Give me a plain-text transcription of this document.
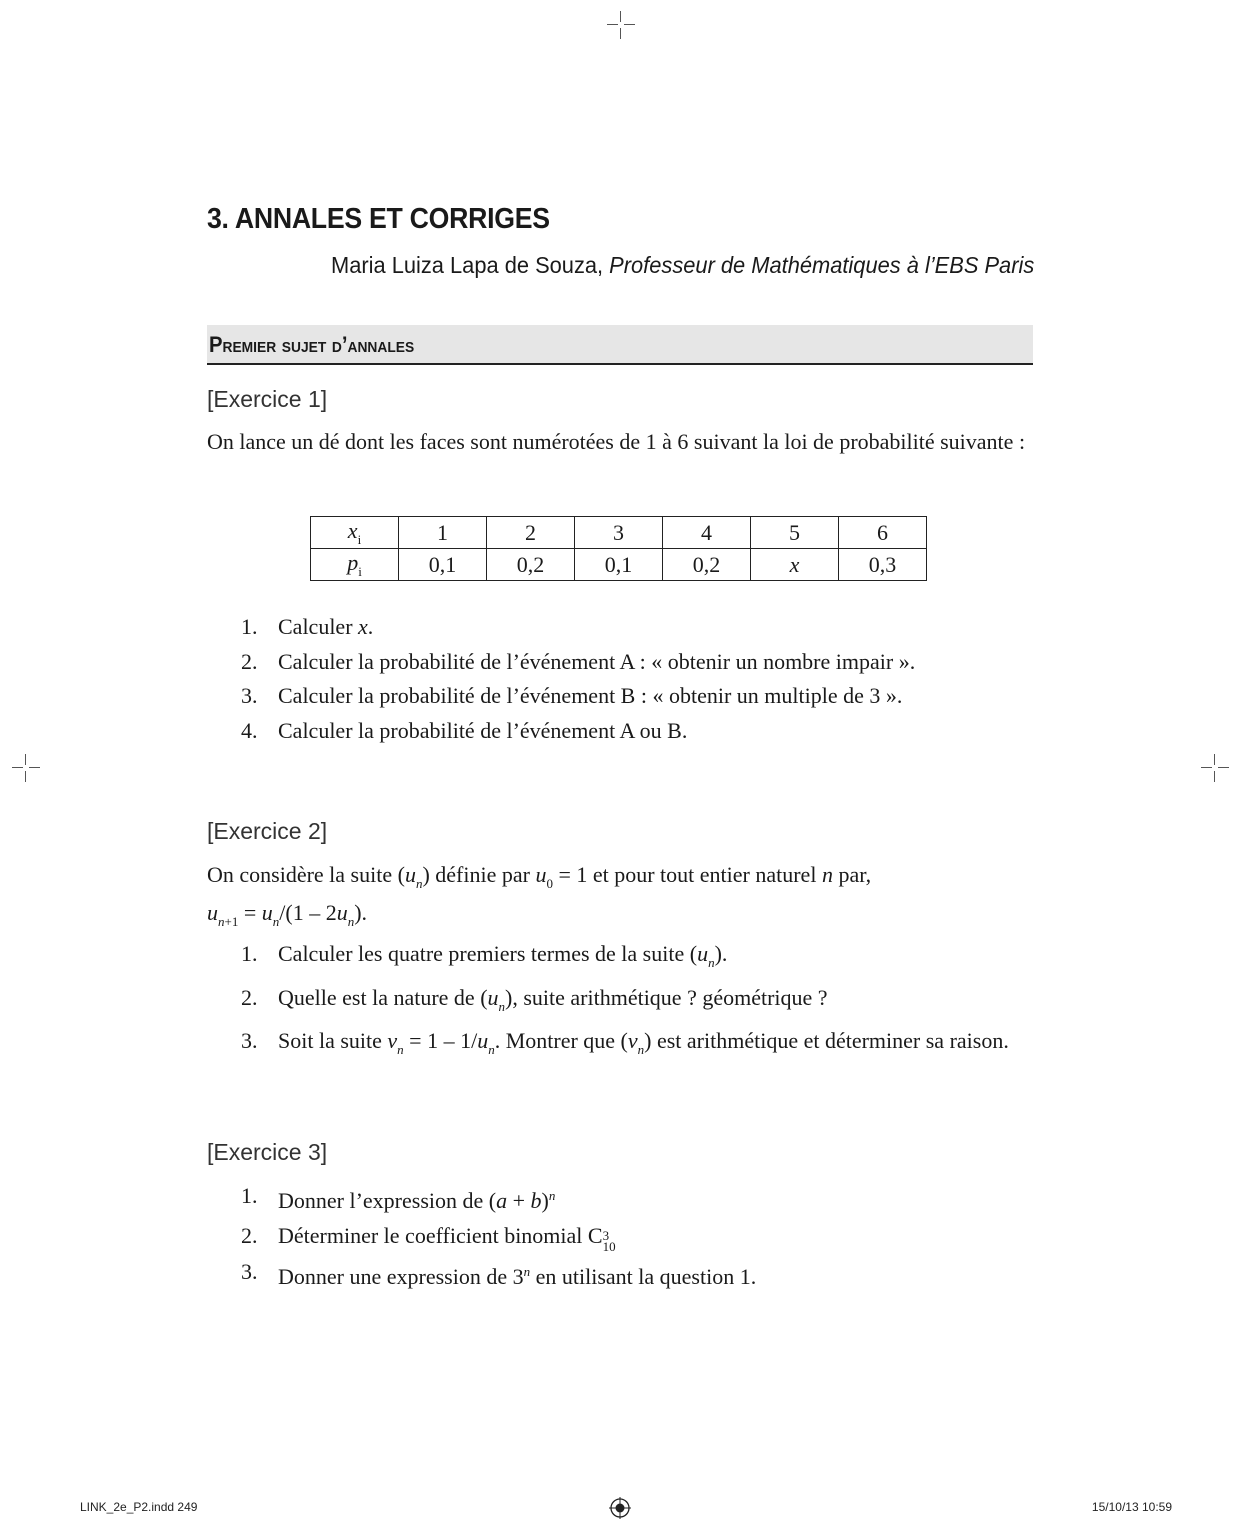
3. ANNALES ET CORRIGES
Maria Luiza Lapa de Souza, Professeur de Mathématiques à l’EBS Paris
Premier sujet d’annales
[Exercice 1]
On lance un dé dont les faces sont numérotées de 1 à 6 suivant la loi de probabilité suivante :
$x_i$	1	2	3	4	5	6
$p_i$	0,1	0,2	0,1	0,2	x	0,3
1. Calculer x.
2. Calculer la probabilité de l’événement A : « obtenir un nombre impair ».
3. Calculer la probabilité de l’événement B : « obtenir un multiple de 3 ».
4. Calculer la probabilité de l’événement A ou B.
[Exercice 2]
On considère la suite $(u_n)$ définie par $u_0 = 1$ et pour tout entier naturel n par,
$u_{n+1} = u_n/(1 - 2u_n)$.
1. Calculer les quatre premiers termes de la suite $(u_n)$.
2. Quelle est la nature de $(u_n)$, suite arithmétique ? géométrique ?
3. Soit la suite $v_n = 1 - 1/u_n$. Montrer que $(v_n)$ est arithmétique et déterminer sa raison.
[Exercice 3]
1. Donner l’expression de $(a + b)^n$
2. Déterminer le coefficient binomial C3
10
3. Donner une expression de 3$^n$ en utilisant la question 1.
LINK_2e_P2.indd 249	15/10/13 10:59
